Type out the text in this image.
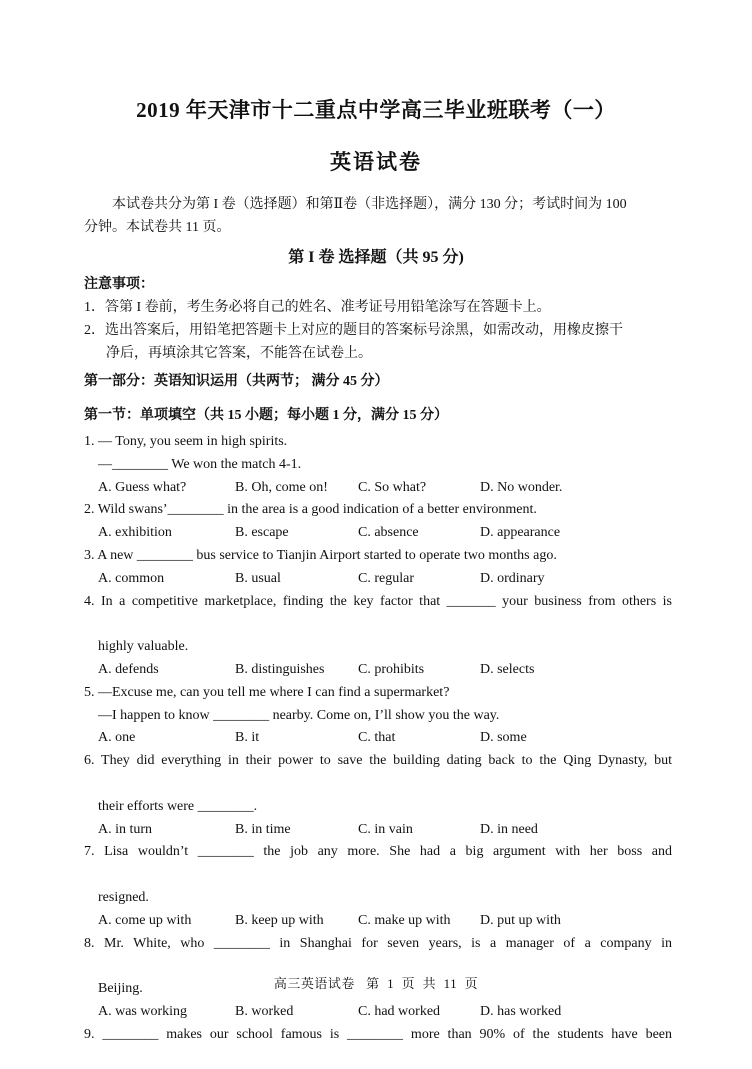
2019 年天津市十二重点中学高三毕业班联考（一）
英语试卷
本试卷共分为第 I 卷（选择题）和第Ⅱ卷（非选择题），满分 130 分；考试时间为 100
分钟。本试卷共 11 页。
第 I 卷 选择题（共 95 分)
注意事项：
1．答第 I 卷前，考生务必将自己的姓名、准考证号用铅笔涂写在答题卡上。
2．选出答案后，用铅笔把答题卡上对应的题目的答案标号涂黑，如需改动，用橡皮擦干
净后，再填涂其它答案，不能答在试卷上。
第一部分：英语知识运用（共两节； 满分 45 分）
第一节：单项填空（共 15 小题；每小题 1 分，满分 15 分）
1. — Tony, you seem in high spirits.
—________ We won the match 4-1.
A. Guess what?	B. Oh, come on!	C. So what?	D. No wonder.
2. Wild swans’________ in the area is a good indication of a better environment.
A. exhibition	B. escape	C. absence	D. appearance
3. A new ________ bus service to Tianjin Airport started to operate two months ago.
A. common	B. usual	C. regular	D. ordinary
4. In a competitive marketplace, finding the key factor that _______ your business from others is
highly valuable.
A. defends	B. distinguishes	C. prohibits	D. selects
5. —Excuse me, can you tell me where I can find a supermarket?
—I happen to know ________ nearby. Come on, I’ll show you the way.
A. one	B. it	C. that	D. some
6. They did everything in their power to save the building dating back to the Qing Dynasty, but
their efforts were ________.
A. in turn	B. in time	C. in vain	D. in need
7. Lisa wouldn’t ________ the job any more. She had a big argument with her boss and
resigned.
A. come up with	B. keep up with	C. make up with	D. put up with
8. Mr. White, who ________ in Shanghai for seven years, is a manager of a company in
Beijing.
A. was working	B. worked	C. had worked	D. has worked
9. ________ makes our school famous is ________ more than 90% of the students have been
高三英语试卷   第  1  页  共  11  页
